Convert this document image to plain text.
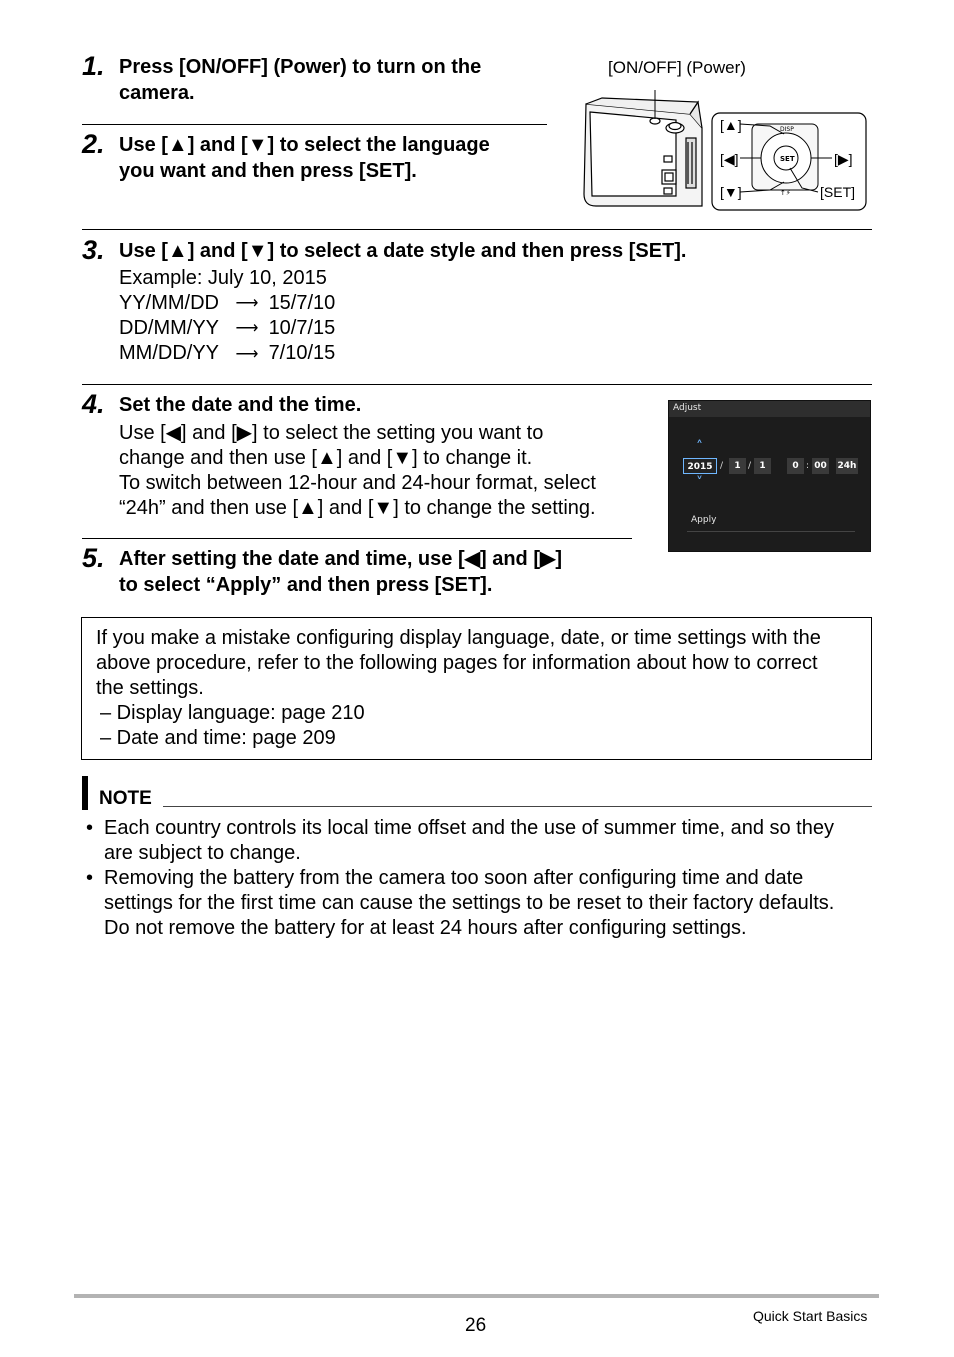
1. Press [ON/OFF] (Power) to turn on the
camera.
2. Use [▲] and [▼] to select the language
you want and then press [SET].
[ON/OFF] (Power)
DISP
SET
↑⚡
[▲]
[◀]	[▶]
[▼]	[SET]
3. Use [▲] and [▼] to select a date style and then press [SET].
Example: July 10, 2015
YY/MM/DD ⟶ 15/7/10
DD/MM/YY ⟶ 10/7/15
MM/DD/YY ⟶ 7/10/15
4. Set the date and the time.
Use [◀] and [▶] to select the setting you want to
change and then use [▲] and [▼] to change it.
To switch between 12-hour and 24-hour format, select
“24h” and then use [▲] and [▼] to change the setting.
Adjust
˄
2015 /	1 / 1	0 : 00 24h
˅
Apply
5. After setting the date and time, use [◀] and [▶]
to select “Apply” and then press [SET].
If you make a mistake configuring display language, date, or time settings with the
above procedure, refer to the following pages for information about how to correct
the settings.
– Display language: page 210
– Date and time: page 209
NOTE
• Each country controls its local time offset and the use of summer time, and so they
are subject to change.
• Removing the battery from the camera too soon after configuring time and date
settings for the first time can cause the settings to be reset to their factory defaults.
Do not remove the battery for at least 24 hours after configuring settings.
26	Quick Start Basics
